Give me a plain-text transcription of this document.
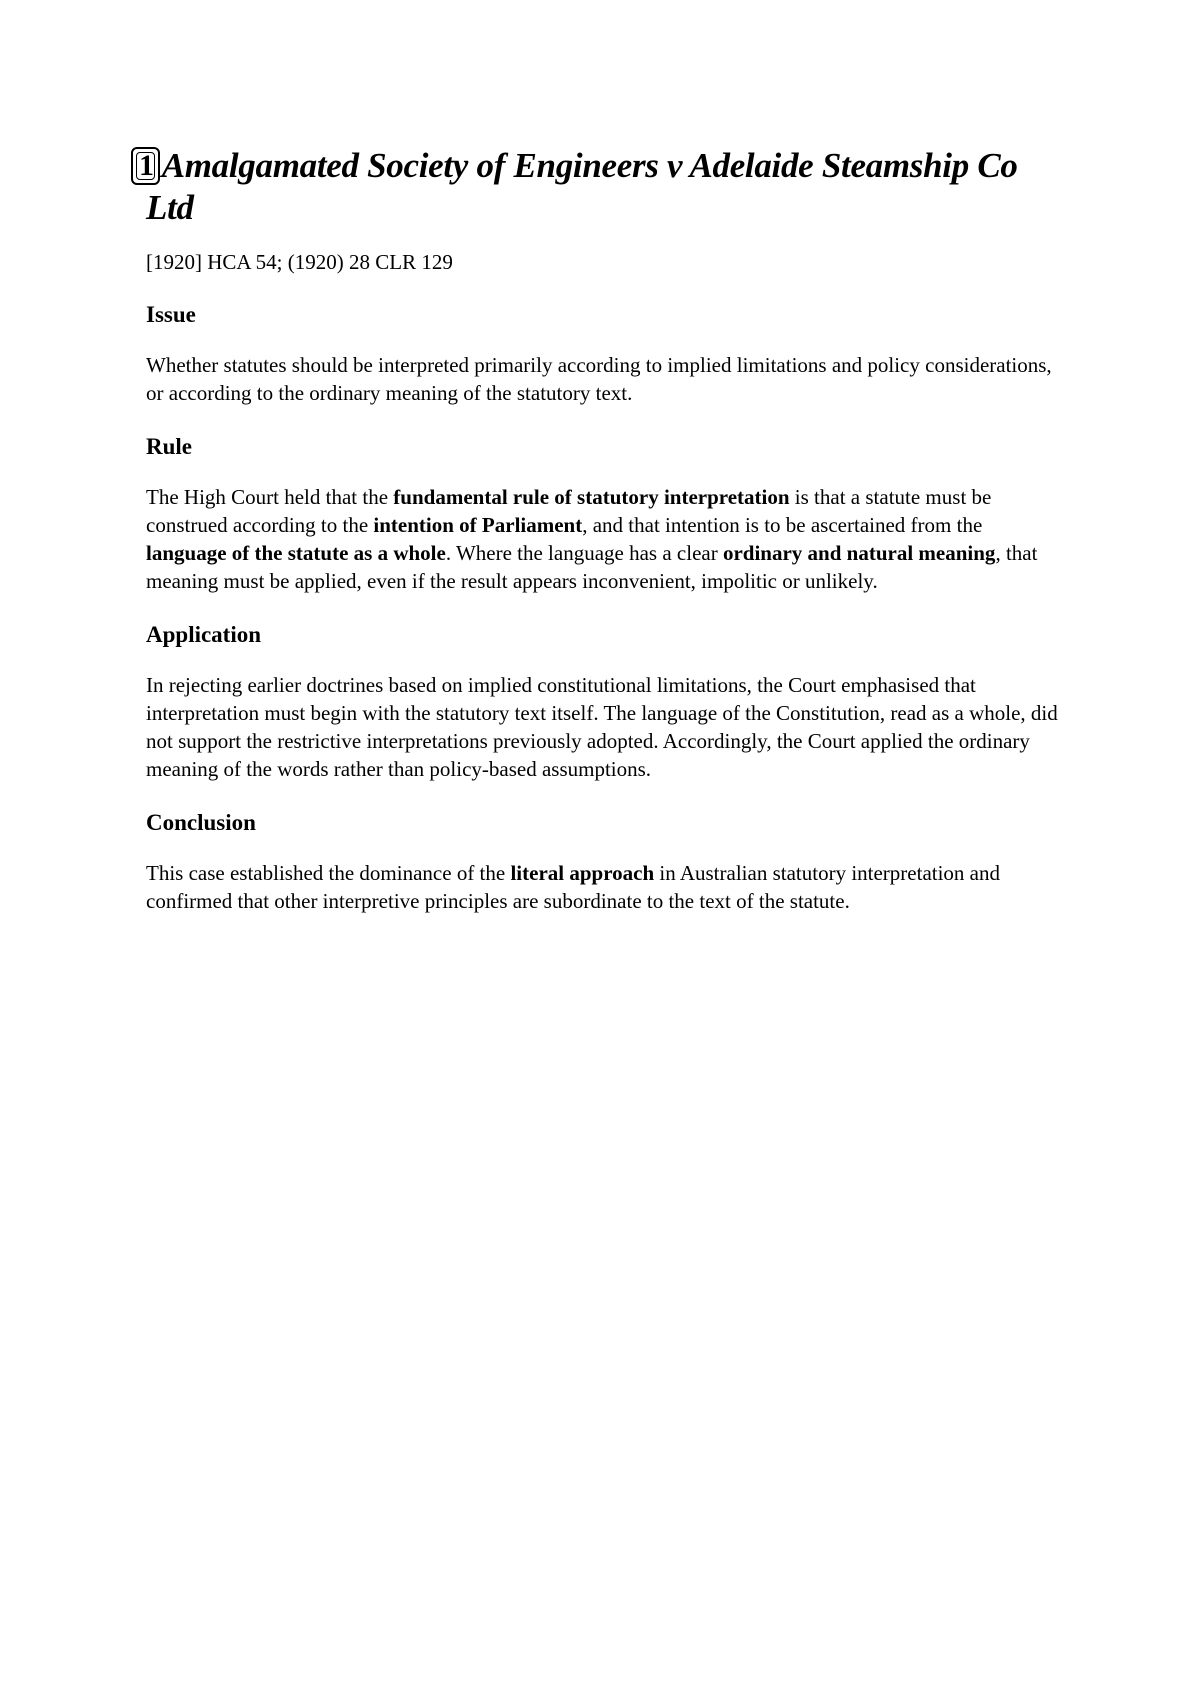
1 Amalgamated Society of Engineers v Adelaide Steamship Co Ltd

[1920] HCA 54; (1920) 28 CLR 129

Issue

Whether statutes should be interpreted primarily according to implied limitations and policy considerations, or according to the ordinary meaning of the statutory text.

Rule

The High Court held that the fundamental rule of statutory interpretation is that a statute must be construed according to the intention of Parliament, and that intention is to be ascertained from the language of the statute as a whole. Where the language has a clear ordinary and natural meaning, that meaning must be applied, even if the result appears inconvenient, impolitic or unlikely.

Application

In rejecting earlier doctrines based on implied constitutional limitations, the Court emphasised that interpretation must begin with the statutory text itself. The language of the Constitution, read as a whole, did not support the restrictive interpretations previously adopted. Accordingly, the Court applied the ordinary meaning of the words rather than policy-based assumptions.

Conclusion

This case established the dominance of the literal approach in Australian statutory interpretation and confirmed that other interpretive principles are subordinate to the text of the statute.
